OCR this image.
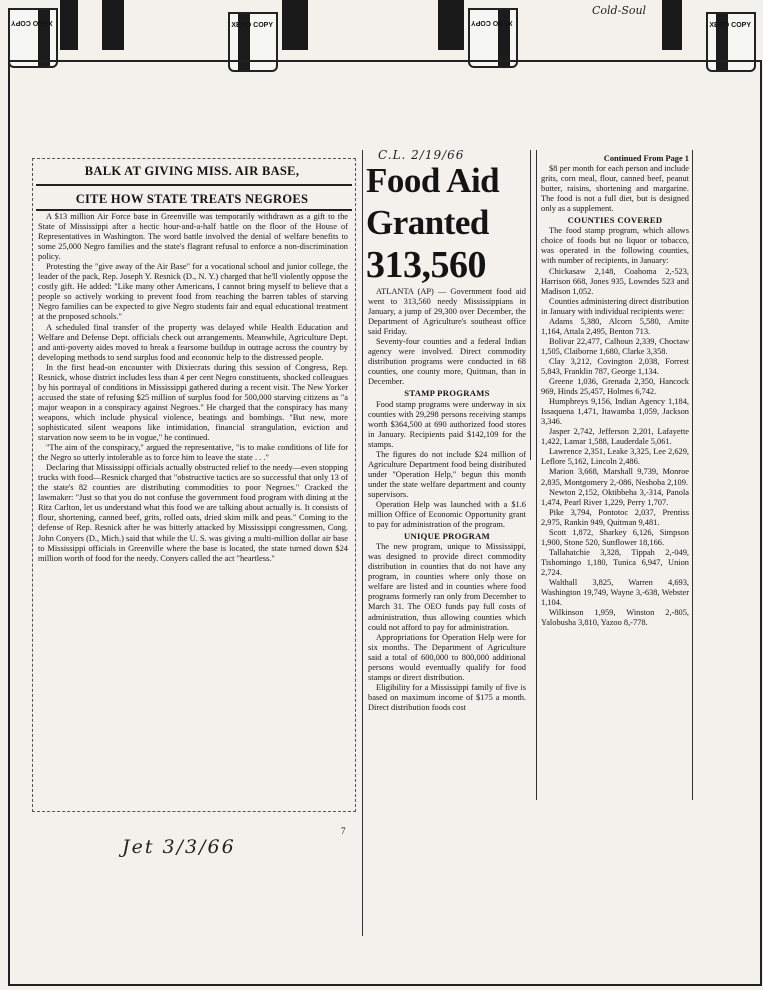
XERO COPY	XERO COPY	XERO COPY	XERO COPY
Cold-Soul
BALK AT GIVING MISS. AIR BASE,
CITE HOW STATE TREATS NEGROES

A $13 million Air Force base in Greenville was temporarily withdrawn as a gift to the State of Mississippi after a hectic hour-and-a-half battle on the floor of the House of Representatives in Washington. The word battle involved the denial of welfare benefits to some 25,000 Negro families and the state's flagrant refusal to enforce a non-discrimination policy.

Protesting the "give away of the Air Base" for a vocational school and junior college, the leader of the pack, Rep. Joseph Y. Resnick (D., N. Y.) charged that he'll violently oppose the costly gift. He added: "Like many other Americans, I cannot bring myself to believe that a people so actively working to prevent food from reaching the barren tables of starving Negro families can be expected to give Negro students fair and equal educational treatment at the proposed schools."

A scheduled final transfer of the property was delayed while Health Education and Welfare and Defense Dept. officials check out arrangements. Meanwhile, Agriculture Dept. and anti-poverty aides moved to break a fearsome buildup in outrage across the country by developing methods to send surplus food and economic help to the distressed people.

In the first head-on encounter with Dixiecrats during this session of Congress, Rep. Resnick, whose district includes less than 4 per cent Negro constituents, shocked colleagues by his portrayal of conditions in Mississippi gathered during a recent visit. The New Yorker accused the state of refusing $25 million of surplus food for 500,000 starving citizens as "a major weapon in a conspiracy against Negroes." He charged that the conspiracy has many weapons, which include physical violence, beatings and bombings. "But new, more sophisticated silent weapons like intimidation, financial strangulation, eviction and starvation now seem to be in vogue," he continued.

"The aim of the conspiracy," argued the representative, "is to make conditions of life for the Negro so utterly intolerable as to force him to leave the state . . ."

Declaring that Mississippi officials actually obstructed relief to the needy—even stopping trucks with food—Resnick charged that "obstructive tactics are so successful that only 13 of the state's 82 counties are distributing commodities to poor Negroes." Cracked the lawmaker: "Just so that you do not confuse the government food program with dining at the Ritz Carlton, let us understand what this food we are talking about actually is. It consists of flour, shortening, canned beef, grits, rolled oats, dried skim milk and peas." Coming to the defense of Rep. Resnick after he was bitterly attacked by Mississippi congressmen, Cong. John Conyers (D., Mich.) said that while the U. S. was giving a multi-million dollar air base to Mississippi officials in Greenville where the base is located, the state turned down $24 million worth of food for the needy. Conyers called the act "heartless."

7
Jet 3/3/66
C.L. 2/19/66
Food Aid
Granted
313,560

ATLANTA (AP) — Government food aid went to 313,560 needy Mississippians in January, a jump of 29,300 over December, the Department of Agriculture's southeast office said Friday.

Seventy-four counties and a federal Indian agency were involved. Direct commodity distribution programs were conducted in 68 counties, one county more, Quitman, than in December.

STAMP PROGRAMS

Food stamp programs were underway in six counties with 29,298 persons receiving stamps worth $364,500 at 690 authorized food stores in January. Recipients paid $142,109 for the stamps.

The figures do not include $24 million of Agriculture Department food being distributed under "Operation Help," begun this month under the state welfare department and county supervisors.

Operation Help was launched with a $1.6 million Office of Economic Opportunity grant to pay for administration of the program.

UNIQUE PROGRAM

The new program, unique to Mississippi, was designed to provide direct commodity distribution in counties that do not have any program, in counties where only those on welfare are listed and in counties where food programs formerly ran only from December to March 31. The OEO funds pay full costs of administration, thus allowing counties which could not afford to pay for administration.

Appropriations for Operation Help were for six months. The Department of Agriculture said a total of 600,000 to 800,000 additional persons would eventually qualify for food stamps or direct distribution.

Eligibility for a Mississippi family of five is based on maximum income of $175 a month. Direct distribution foods cost

Continued From Page 1

$8 per month for each person and include grits, corn meal, flour, canned beef, peanut butter, raisins, shortening and margarine. The food is not a full diet, but is designed only as a supplement.

COUNTIES COVERED

The food stamp program, which allows choice of foods but no liquor or tobacco, was operated in the following counties, with number of recipients, in January:

Chickasaw 2,148, Coahoma 2,-523, Harrison 668, Jones 935, Lowndes 523 and Madison 1,052.

Counties administering direct distribution in January with individual recipients were:

Adams 5,380, Alcorn 5,580, Amite 1,164, Attala 2,495, Benton 713.

Bolivar 22,477, Calhoun 2,339, Choctaw 1,505, Claiborne 1,680, Clarke 3,358.

Clay 3,212, Covington 2,038, Forrest 5,843, Franklin 787, George 1,134.

Greene 1,036, Grenada 2,350, Hancock 969, Hinds 25,457, Holmes 6,742.

Humphreys 9,156, Indian Agency 1,184, Issaquena 1,471, Itawamba 1,059, Jackson 3,346.

Jasper 2,742, Jefferson 2,201, Lafayette 1,422, Lamar 1,588, Lauderdale 5,061.

Lawrence 2,351, Leake 3,325, Lee 2,629, Leflore 5,162, Lincoln 2,486.

Marion 3,668, Marshall 9,739, Monroe 2,835, Montgomery 2,-086, Neshoba 2,109.

Newton 2,152, Oktibbeha 3,-314, Panola 1,474, Pearl River 1,229, Perry 1,707.

Pike 3,794, Pontotoc 2,037, Prentiss 2,975, Rankin 949, Quitman 9,481.

Scott 1,872, Sharkey 6,126, Simpson 1,900, Stone 520, Sunflower 18,166.

Tallahatchie 3,328, Tippah 2,-049, Tishomingo 1,180, Tunica 6,947, Union 2,724.

Walthall 3,825, Warren 4,693, Washington 19,749, Wayne 3,-638, Webster 1,104.

Wilkinson 1,959, Winston 2,-805, Yalobusha 3,810, Yazoo 8,-778.
